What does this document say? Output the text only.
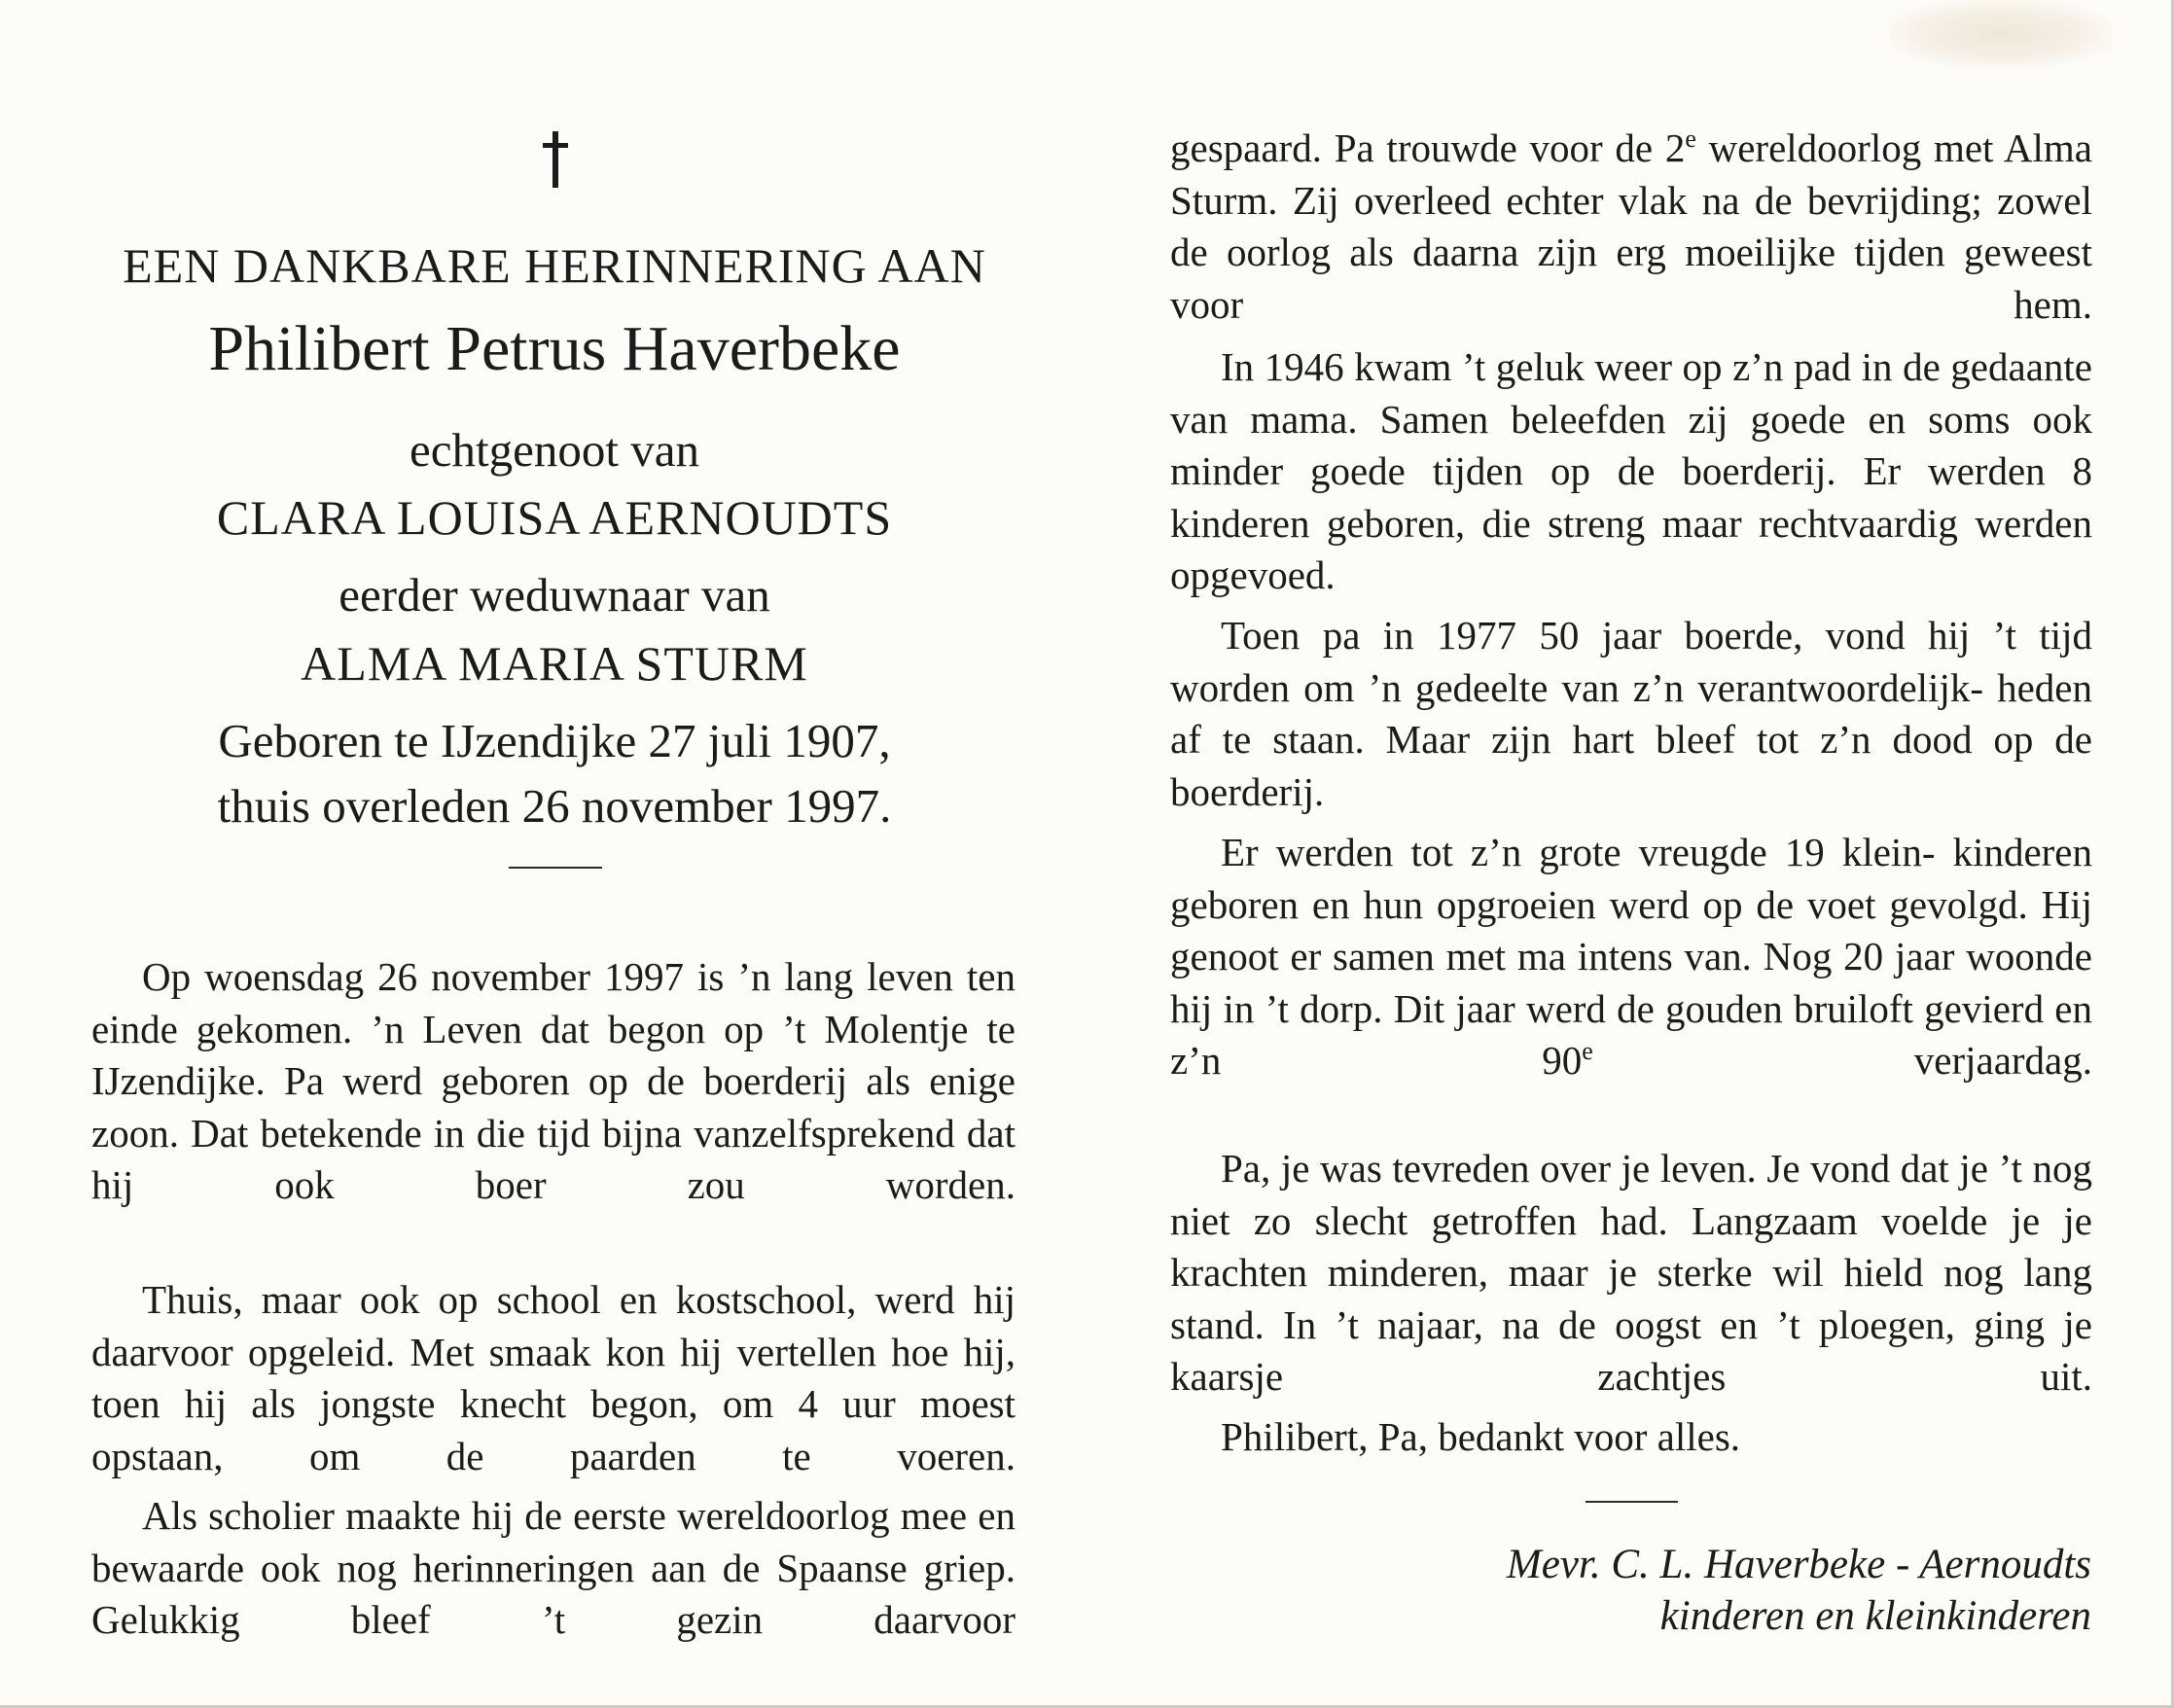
EEN DANKBARE HERINNERING AAN
Philibert Petrus Haverbeke
echtgenoot van
CLARA LOUISA AERNOUDTS
eerder weduwnaar van
ALMA MARIA STURM
Geboren te IJzendijke 27 juli 1907,
thuis overleden 26 november 1997.
Op woensdag 26 november 1997 is ’n lang leven ten einde gekomen. ’n Leven dat begon op ’t Molentje te IJzendijke. Pa werd geboren op de boerderij als enige zoon. Dat betekende in die tijd bijna vanzelfsprekend dat hij ook boer zou worden.
Thuis, maar ook op school en kostschool, werd hij daarvoor opgeleid. Met smaak kon hij vertellen hoe hij, toen hij als jongste knecht begon, om 4 uur moest opstaan, om de paarden te voeren.
Als scholier maakte hij de eerste wereldoorlog mee en bewaarde ook nog herinneringen aan de Spaanse griep. Gelukkig bleef ’t gezin daarvoor
gespaard. Pa trouwde voor de 2e wereldoorlog met Alma Sturm. Zij overleed echter vlak na de bevrijding; zowel de oorlog als daarna zijn erg moeilijke tijden geweest voor hem.
In 1946 kwam ’t geluk weer op z’n pad in de gedaante van mama. Samen beleefden zij goede en soms ook minder goede tijden op de boerderij. Er werden 8 kinderen geboren, die streng maar rechtvaardig werden opgevoed.
Toen pa in 1977 50 jaar boerde, vond hij ’t tijd worden om ’n gedeelte van z’n verantwoordelijk- heden af te staan. Maar zijn hart bleef tot z’n dood op de boerderij.
Er werden tot z’n grote vreugde 19 klein- kinderen geboren en hun opgroeien werd op de voet gevolgd. Hij genoot er samen met ma intens van. Nog 20 jaar woonde hij in ’t dorp. Dit jaar werd de gouden bruiloft gevierd en z’n 90e verjaardag.
Pa, je was tevreden over je leven. Je vond dat je ’t nog niet zo slecht getroffen had. Langzaam voelde je je krachten minderen, maar je sterke wil hield nog lang stand. In ’t najaar, na de oogst en ’t ploegen, ging je kaarsje zachtjes uit.
Philibert, Pa, bedankt voor alles.
Mevr. C. L. Haverbeke - Aernoudts
kinderen en kleinkinderen
